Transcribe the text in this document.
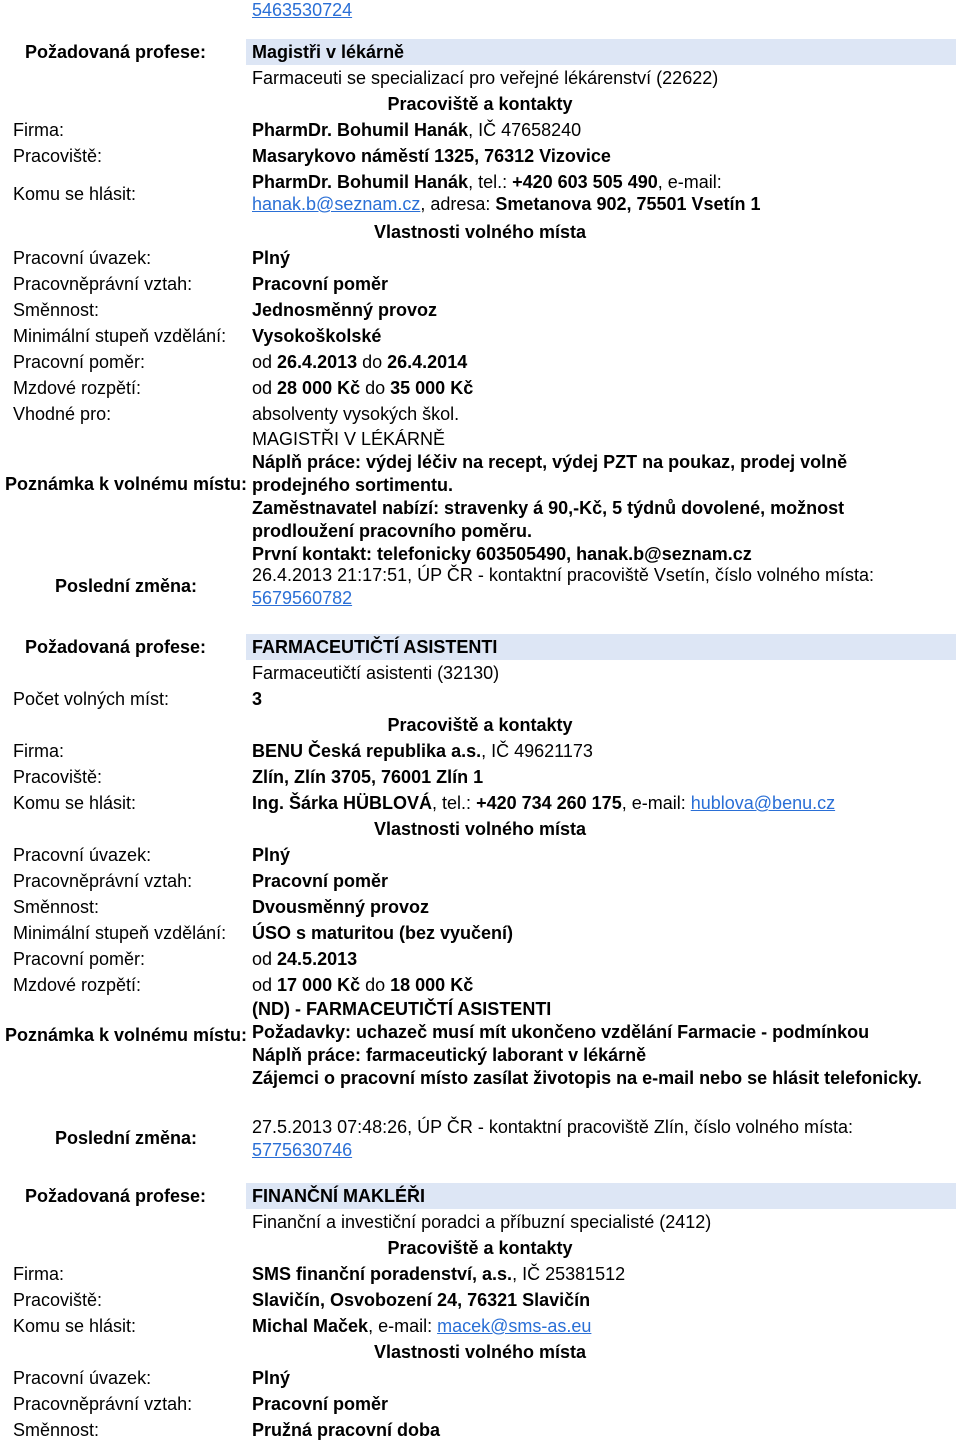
5463530724
Požadovaná profese:	Magistři v lékárně
Farmaceuti se specializací pro veřejné lékárenství (22622)
Pracoviště a kontakty
Firma:	PharmDr. Bohumil Hanák, IČ 47658240
Pracoviště:	Masarykovo náměstí 1325, 76312 Vizovice
Komu se hlásit:
PharmDr. Bohumil Hanák, tel.: +420 603 505 490, e-mail:
hanak.b@seznam.cz, adresa: Smetanova 902, 75501 Vsetín 1
Vlastnosti volného místa
Pracovní úvazek:	Plný
Pracovněprávní vztah:	Pracovní poměr
Směnnost:	Jednosměnný provoz
Minimální stupeň vzdělání: Vysokoškolské
Pracovní poměr:	od 26.4.2013 do 26.4.2014
Mzdové rozpětí:	od 28 000 Kč do 35 000 Kč
Vhodné pro:	absolventy vysokých škol.
Poznámka k volnému místu:
MAGISTŘI V LÉKÁRNĚ
Náplň práce: výdej léčiv na recept, výdej PZT na poukaz, prodej volně prodejného sortimentu.
Zaměstnavatel nabízí: stravenky á 90,-Kč, 5 týdnů dovolené, možnost prodloužení pracovního poměru.
První kontakt: telefonicky 603505490, hanak.b@seznam.cz
Poslední změna:
26.4.2013 21:17:51, ÚP ČR - kontaktní pracoviště Vsetín, číslo volného místa:
5679560782
Požadovaná profese:	FARMACEUTIČTÍ ASISTENTI
Farmaceutičtí asistenti (32130)
Počet volných míst:	3
Pracoviště a kontakty
Firma:	BENU Česká republika a.s., IČ 49621173
Pracoviště:	Zlín, Zlín 3705, 76001 Zlín 1
Komu se hlásit:	Ing. Šárka HÜBLOVÁ, tel.: +420 734 260 175, e-mail: hublova@benu.cz
Vlastnosti volného místa
Pracovní úvazek:	Plný
Pracovněprávní vztah:	Pracovní poměr
Směnnost:	Dvousměnný provoz
Minimální stupeň vzdělání: ÚSO s maturitou (bez vyučení)
Pracovní poměr:	od 24.5.2013
Mzdové rozpětí:	od 17 000 Kč do 18 000 Kč
Poznámka k volnému místu:
(ND) - FARMACEUTIČTÍ ASISTENTI
Požadavky: uchazeč musí mít ukončeno vzdělání Farmacie - podmínkou
Náplň práce: farmaceutický laborant v lékárně
Zájemci o pracovní místo zasílat životopis na e-mail nebo se hlásit telefonicky.
Poslední změna:
27.5.2013 07:48:26, ÚP ČR - kontaktní pracoviště Zlín, číslo volného místa:
5775630746
Požadovaná profese:	FINANČNÍ MAKLÉŘI
Finanční a investiční poradci a příbuzní specialisté (2412)
Pracoviště a kontakty
Firma:	SMS finanční poradenství, a.s., IČ 25381512
Pracoviště:	Slavičín, Osvobození 24, 76321 Slavičín
Komu se hlásit:	Michal Maček, e-mail: macek@sms-as.eu
Vlastnosti volného místa
Pracovní úvazek:	Plný
Pracovněprávní vztah:	Pracovní poměr
Směnnost:	Pružná pracovní doba
